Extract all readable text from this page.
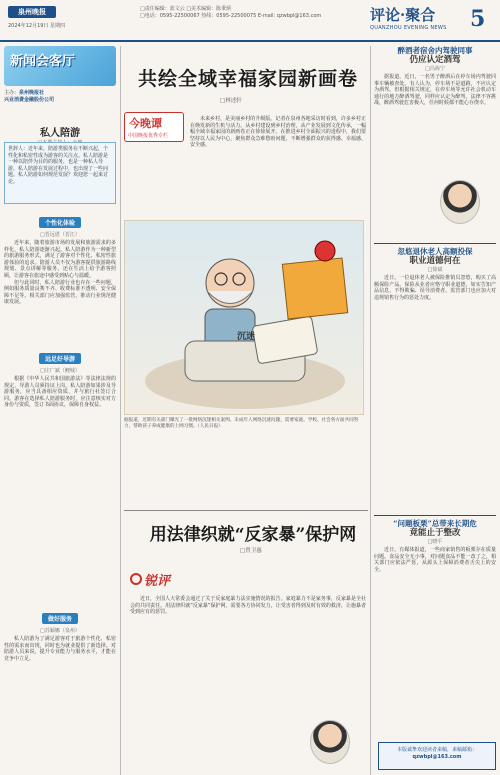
泉州晚报
2024年12月19日 星期四
□责任编辑：蓝文云 □美术编辑：陈秉炳
□电话：0595-22500067 热线：0595-22500075 E-mail: qzwbpl@163.com	评论·聚合
QUANZHOU EVENING NEWS 5
新闻会客厅
主办：泉州晚报社
兴业消费金融股份公司
私人陪游
世辞人：近年来，陪游类服务在不断兴起，个性化和私密性成为游客的关注点。私人陪游是一种以陪伴为目的的服务，也是一种私人导游。私人陪游在发展过程中，也出现了一些问题。私人陪游如何规范发展？欢迎您一起来讨论。
个性化体验
□晋远恩（晋江）

近年来，随着旅游市场的发展和旅游需求的多样化，私人陪游逐渐兴起。私人陪游作为一种新型的旅游服务形式，满足了游客对个性化、私密性旅游体验的追求。陪游人员不仅为游客提供旅游路线规划、景点讲解等服务，还在生活上给予游客照顾，让游客在旅途中感受到贴心与温暖。

但与此同时，私人陪游行业也存在一些问题，例如服务质量良莠不齐、收费标准不透明、安全保障不足等。相关部门应加强监管，推动行业规范健康发展。

远足好导游
□庄广斌（鲤城）

根据《中华人民共和国旅游法》等法律法规的规定，导游人员须持证上岗。私人陪游如果涉及导游服务，应当具备相应资质，并与旅行社签订合同。游客在选择私人陪游服务时，应注意核实对方身份与资质，签订书面协议，保障自身权益。

做好服务
□苏颖娜（泉州）

私人陪游为了满足游客对于旅游个性化、私密性的需求而出现，同时也为就业提供了新选择。对陪游人员来说，提升专业能力与服务水平，才能在竞争中立足。

共绘全域幸福家园新画卷
□林述轩
今晚谭
中国晚报优秀专栏

未来乡村，是美丽乡村的升级版。记者在泉州各地采访时看到，许多乡村正在焕发新的生机与活力。从乡村建设到乡村治理，从产业发展到文化传承，一幅幅全域幸福家园的新画卷正在徐徐展开。在推进乡村全面振兴的进程中，我们要坚持以人民为中心，聚焦群众急难愁盼问题，不断增强群众的获得感、幸福感、安全感。

沉迷
据报道，近期有关部门曝光了一批网络沉迷相关案例。未成年人网络沉迷问题，需要家庭、学校、社会各方面共同努力，帮助孩子养成健康的上网习惯。（人民日报）
用法律织就“反家暴”保护网
□曾卫惠
锐评

近日，全国人大常委会通过了关于反家庭暴力法实施情况的报告。家庭暴力不是家务事，反家暴是全社会的共同责任。用法律织就“反家暴”保护网，需要各方协同发力，让受害者得到及时有效的救济，让施暴者受到应有的惩罚。

醉酒者宿舍内驾驶同事
仍应认定酒驾
□冯海宁

据报道，近日，一名男子醉酒后在停车场内驾驶同事车辆被查处。有人认为，停车场不是道路，不应认定为酒驾。但根据相关规定，在停车场等允许社会机动车通行的地方醉酒驾驶，同样应认定为醉驾。法律不容挑战，醉酒驾驶危害极大，任何时候都不能心存侥幸。

忽悠退休老人高额投保
职业道德何在
□徐斌

近日，一位退休老人被保险推销员忽悠，购买了高额保险产品。保险从业者应恪守职业道德，如实告知产品信息，不得欺骗、误导消费者。监管部门也应加大对违规销售行为的惩处力度。

“问题板栗”总带来长期危
竟能止于整改
□晓平

近日，有媒体报道，一些商家销售的板栗存在质量问题。食品安全无小事，对问题食品不能一改了之，相关部门应依法严惩，从源头上保障消费者舌尖上的安全。

本版诚挚欢迎读者来稿，来稿邮箱：
qzwbpl@163.com
